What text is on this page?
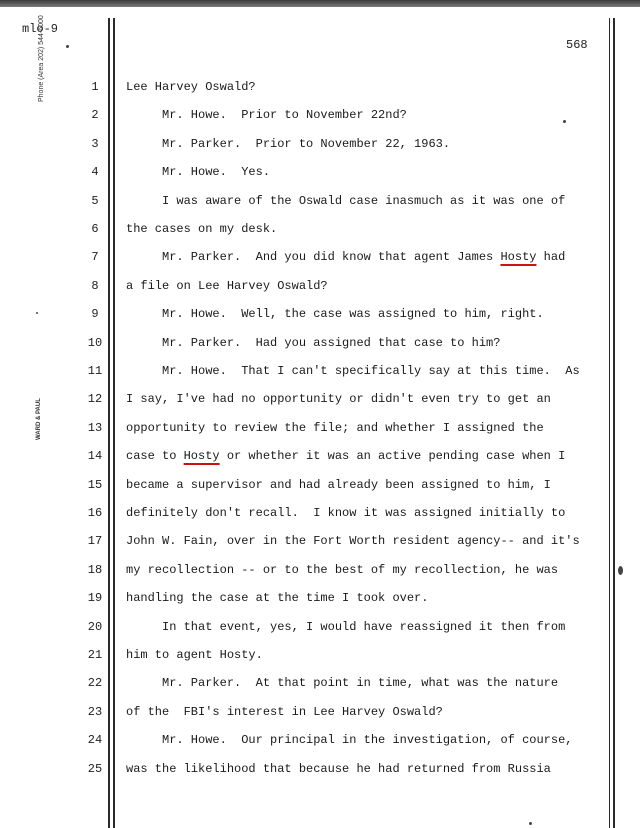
mlo-9
568
Phone (Area 202) 544-6000
WARD & PAUL
1	Lee Harvey Oswald?
2	Mr. Howe.  Prior to November 22nd?
3	Mr. Parker.  Prior to November 22, 1963.
4	Mr. Howe.  Yes.
5	I was aware of the Oswald case inasmuch as it was one of
6	the cases on my desk.
7	Mr. Parker.  And you did know that agent James Hosty had
8	a file on Lee Harvey Oswald?
9	Mr. Howe.  Well, the case was assigned to him, right.
10	Mr. Parker.  Had you assigned that case to him?
11	Mr. Howe.  That I can't specifically say at this time.  As
12	I say, I've had no opportunity or didn't even try to get an
13	opportunity to review the file; and whether I assigned the
14	case to Hosty or whether it was an active pending case when I
15	became a supervisor and had already been assigned to him, I
16	definitely don't recall.  I know it was assigned initially to
17	John W. Fain, over in the Fort Worth resident agency-- and it's
18	my recollection -- or to the best of my recollection, he was
19	handling the case at the time I took over.
20	In that event, yes, I would have reassigned it then from
21	him to agent Hosty.
22	Mr. Parker.  At that point in time, what was the nature
23	of the  FBI's interest in Lee Harvey Oswald?
24	Mr. Howe.  Our principal in the investigation, of course,
25	was the likelihood that because he had returned from Russia
